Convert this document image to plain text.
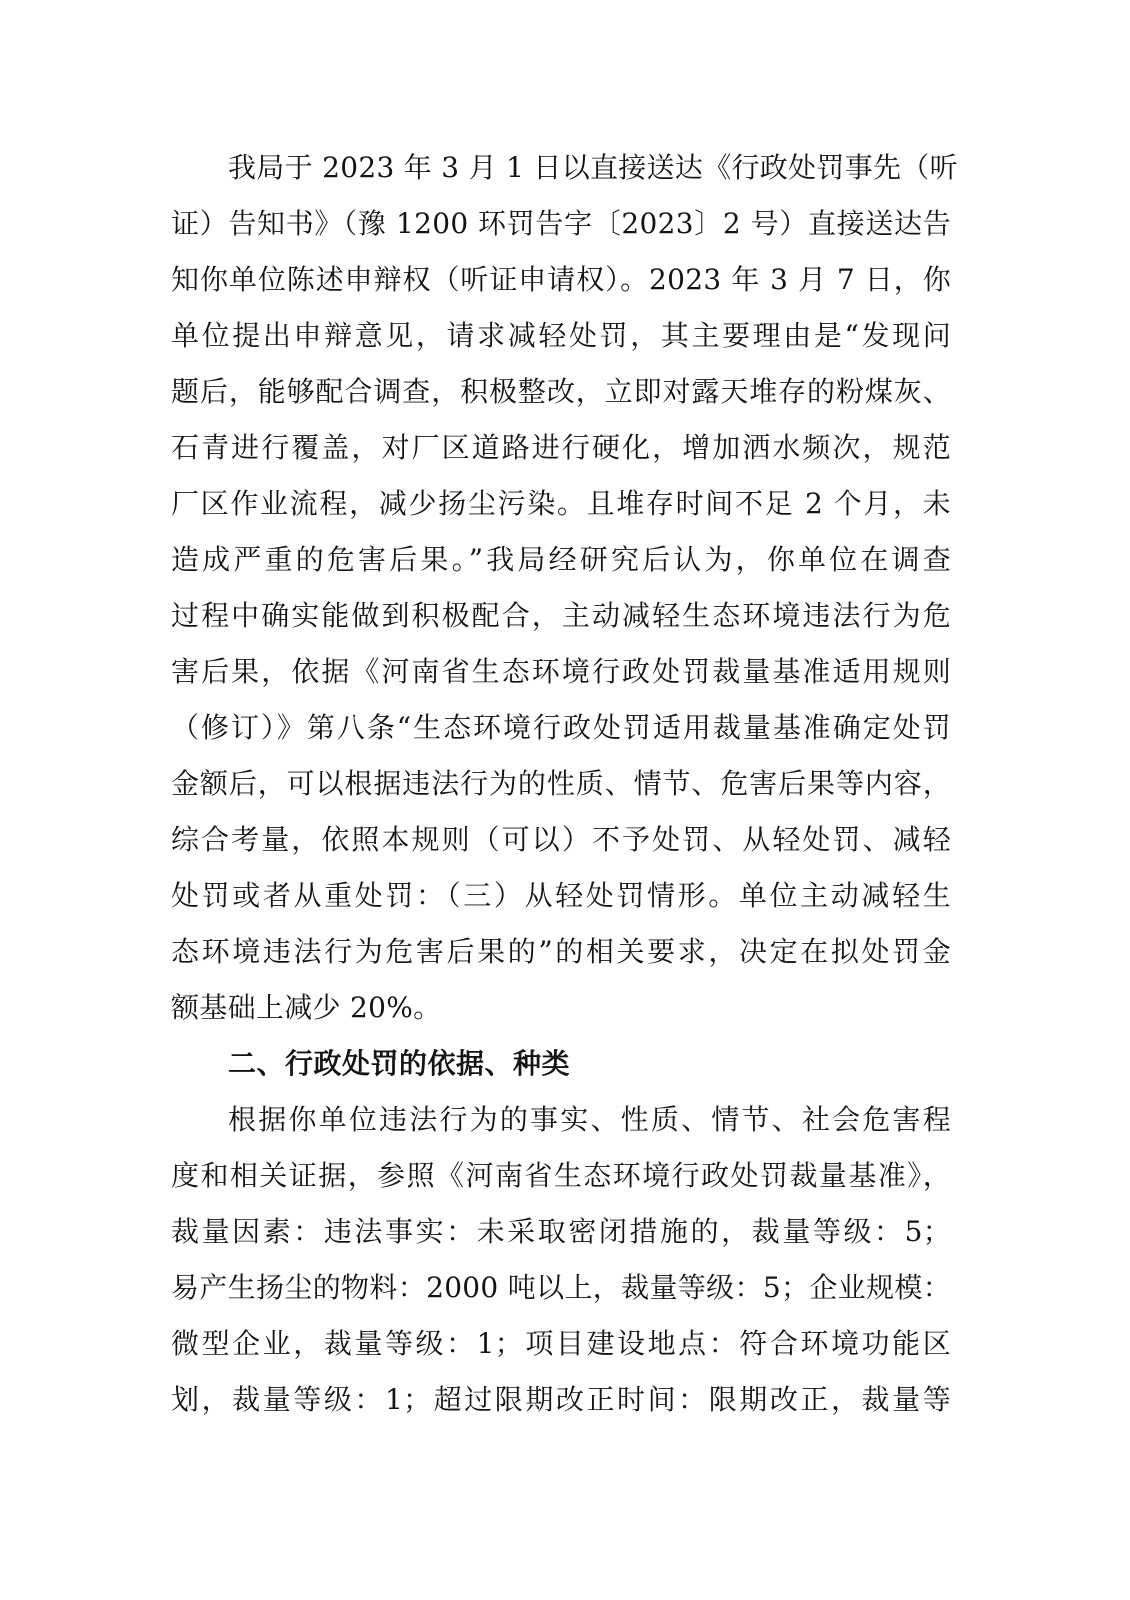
我局于 2023 年 3 月 1 日以直接送达《行政处罚事先（听
证）告知书》（豫 1200 环罚告字〔2023〕2 号）直接送达告
知你单位陈述申辩权（听证申请权）。2023 年 3 月 7 日，你
单位提出申辩意见，请求减轻处罚，其主要理由是“发现问
题后，能够配合调查，积极整改，立即对露天堆存的粉煤灰、
石青进行覆盖，对厂区道路进行硬化，增加洒水频次，规范
厂区作业流程，减少扬尘污染。且堆存时间不足 2 个月，未
造成严重的危害后果。”我局经研究后认为，你单位在调查
过程中确实能做到积极配合，主动减轻生态环境违法行为危
害后果，依据《河南省生态环境行政处罚裁量基准适用规则
（修订）》第八条“生态环境行政处罚适用裁量基准确定处罚
金额后，可以根据违法行为的性质、情节、危害后果等内容，
综合考量，依照本规则（可以）不予处罚、从轻处罚、减轻
处罚或者从重处罚：（三）从轻处罚情形。单位主动减轻生
态环境违法行为危害后果的”的相关要求，决定在拟处罚金
额基础上减少 20%。
二、行政处罚的依据、种类
根据你单位违法行为的事实、性质、情节、社会危害程
度和相关证据，参照《河南省生态环境行政处罚裁量基准》，
裁量因素：违法事实：未采取密闭措施的，裁量等级：5；
易产生扬尘的物料：2000 吨以上，裁量等级：5；企业规模：
微型企业，裁量等级：1；项目建设地点：符合环境功能区
划，裁量等级：1；超过限期改正时间：限期改正，裁量等
